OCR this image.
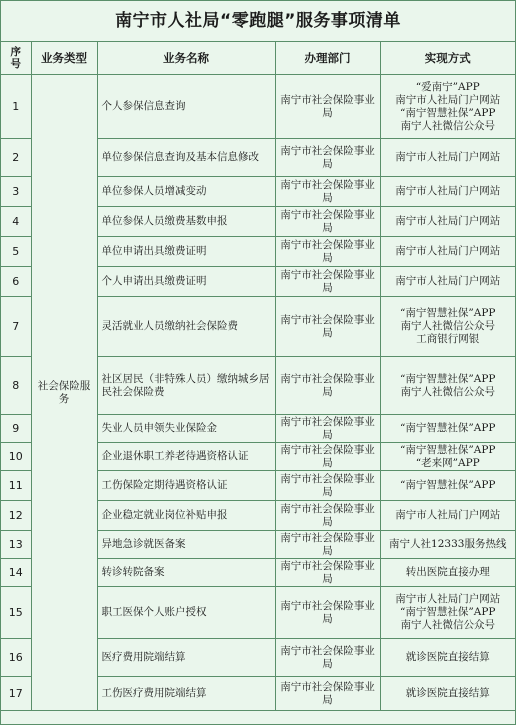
南宁市人社局“零跑腿”服务事项清单
序号	业务类型	业务名称	办理部门	实现方式
1	社会保险服务	个人参保信息查询	南宁市社会保险事业局	“爱南宁”APP
南宁市人社局门户网站
“南宁智慧社保”APP
南宁人社微信公众号

2		单位参保信息查询及基本信息修改	南宁市社会保险事业局	南宁市人社局门户网站

3		单位参保人员增减变动	南宁市社会保险事业局	南宁市人社局门户网站

4		单位参保人员缴费基数申报	南宁市社会保险事业局	南宁市人社局门户网站

5		单位申请出具缴费证明	南宁市社会保险事业局	南宁市人社局门户网站

6		个人申请出具缴费证明	南宁市社会保险事业局	南宁市人社局门户网站

7		灵活就业人员缴纳社会保险费	南宁市社会保险事业局	“南宁智慧社保”APP
南宁人社微信公众号
工商银行网银

8		社区居民（非特殊人员）缴纳城乡居民社会保险费	南宁市社会保险事业局	“南宁智慧社保”APP
南宁人社微信公众号

9		失业人员申领失业保险金	南宁市社会保险事业局	“南宁智慧社保”APP

10		企业退休职工养老待遇资格认证	南宁市社会保险事业局	“南宁智慧社保”APP
“老来网”APP

11		工伤保险定期待遇资格认证	南宁市社会保险事业局	“南宁智慧社保”APP

12		企业稳定就业岗位补贴申报	南宁市社会保险事业局	南宁市人社局门户网站

13		异地急诊就医备案	南宁市社会保险事业局	南宁人社12333服务热线

14		转诊转院备案	南宁市社会保险事业局	转出医院直接办理

15		职工医保个人账户授权	南宁市社会保险事业局	南宁市人社局门户网站
“南宁智慧社保”APP
南宁人社微信公众号

16		医疗费用院端结算	南宁市社会保险事业局	就诊医院直接结算

17		工伤医疗费用院端结算	南宁市社会保险事业局	就诊医院直接结算
